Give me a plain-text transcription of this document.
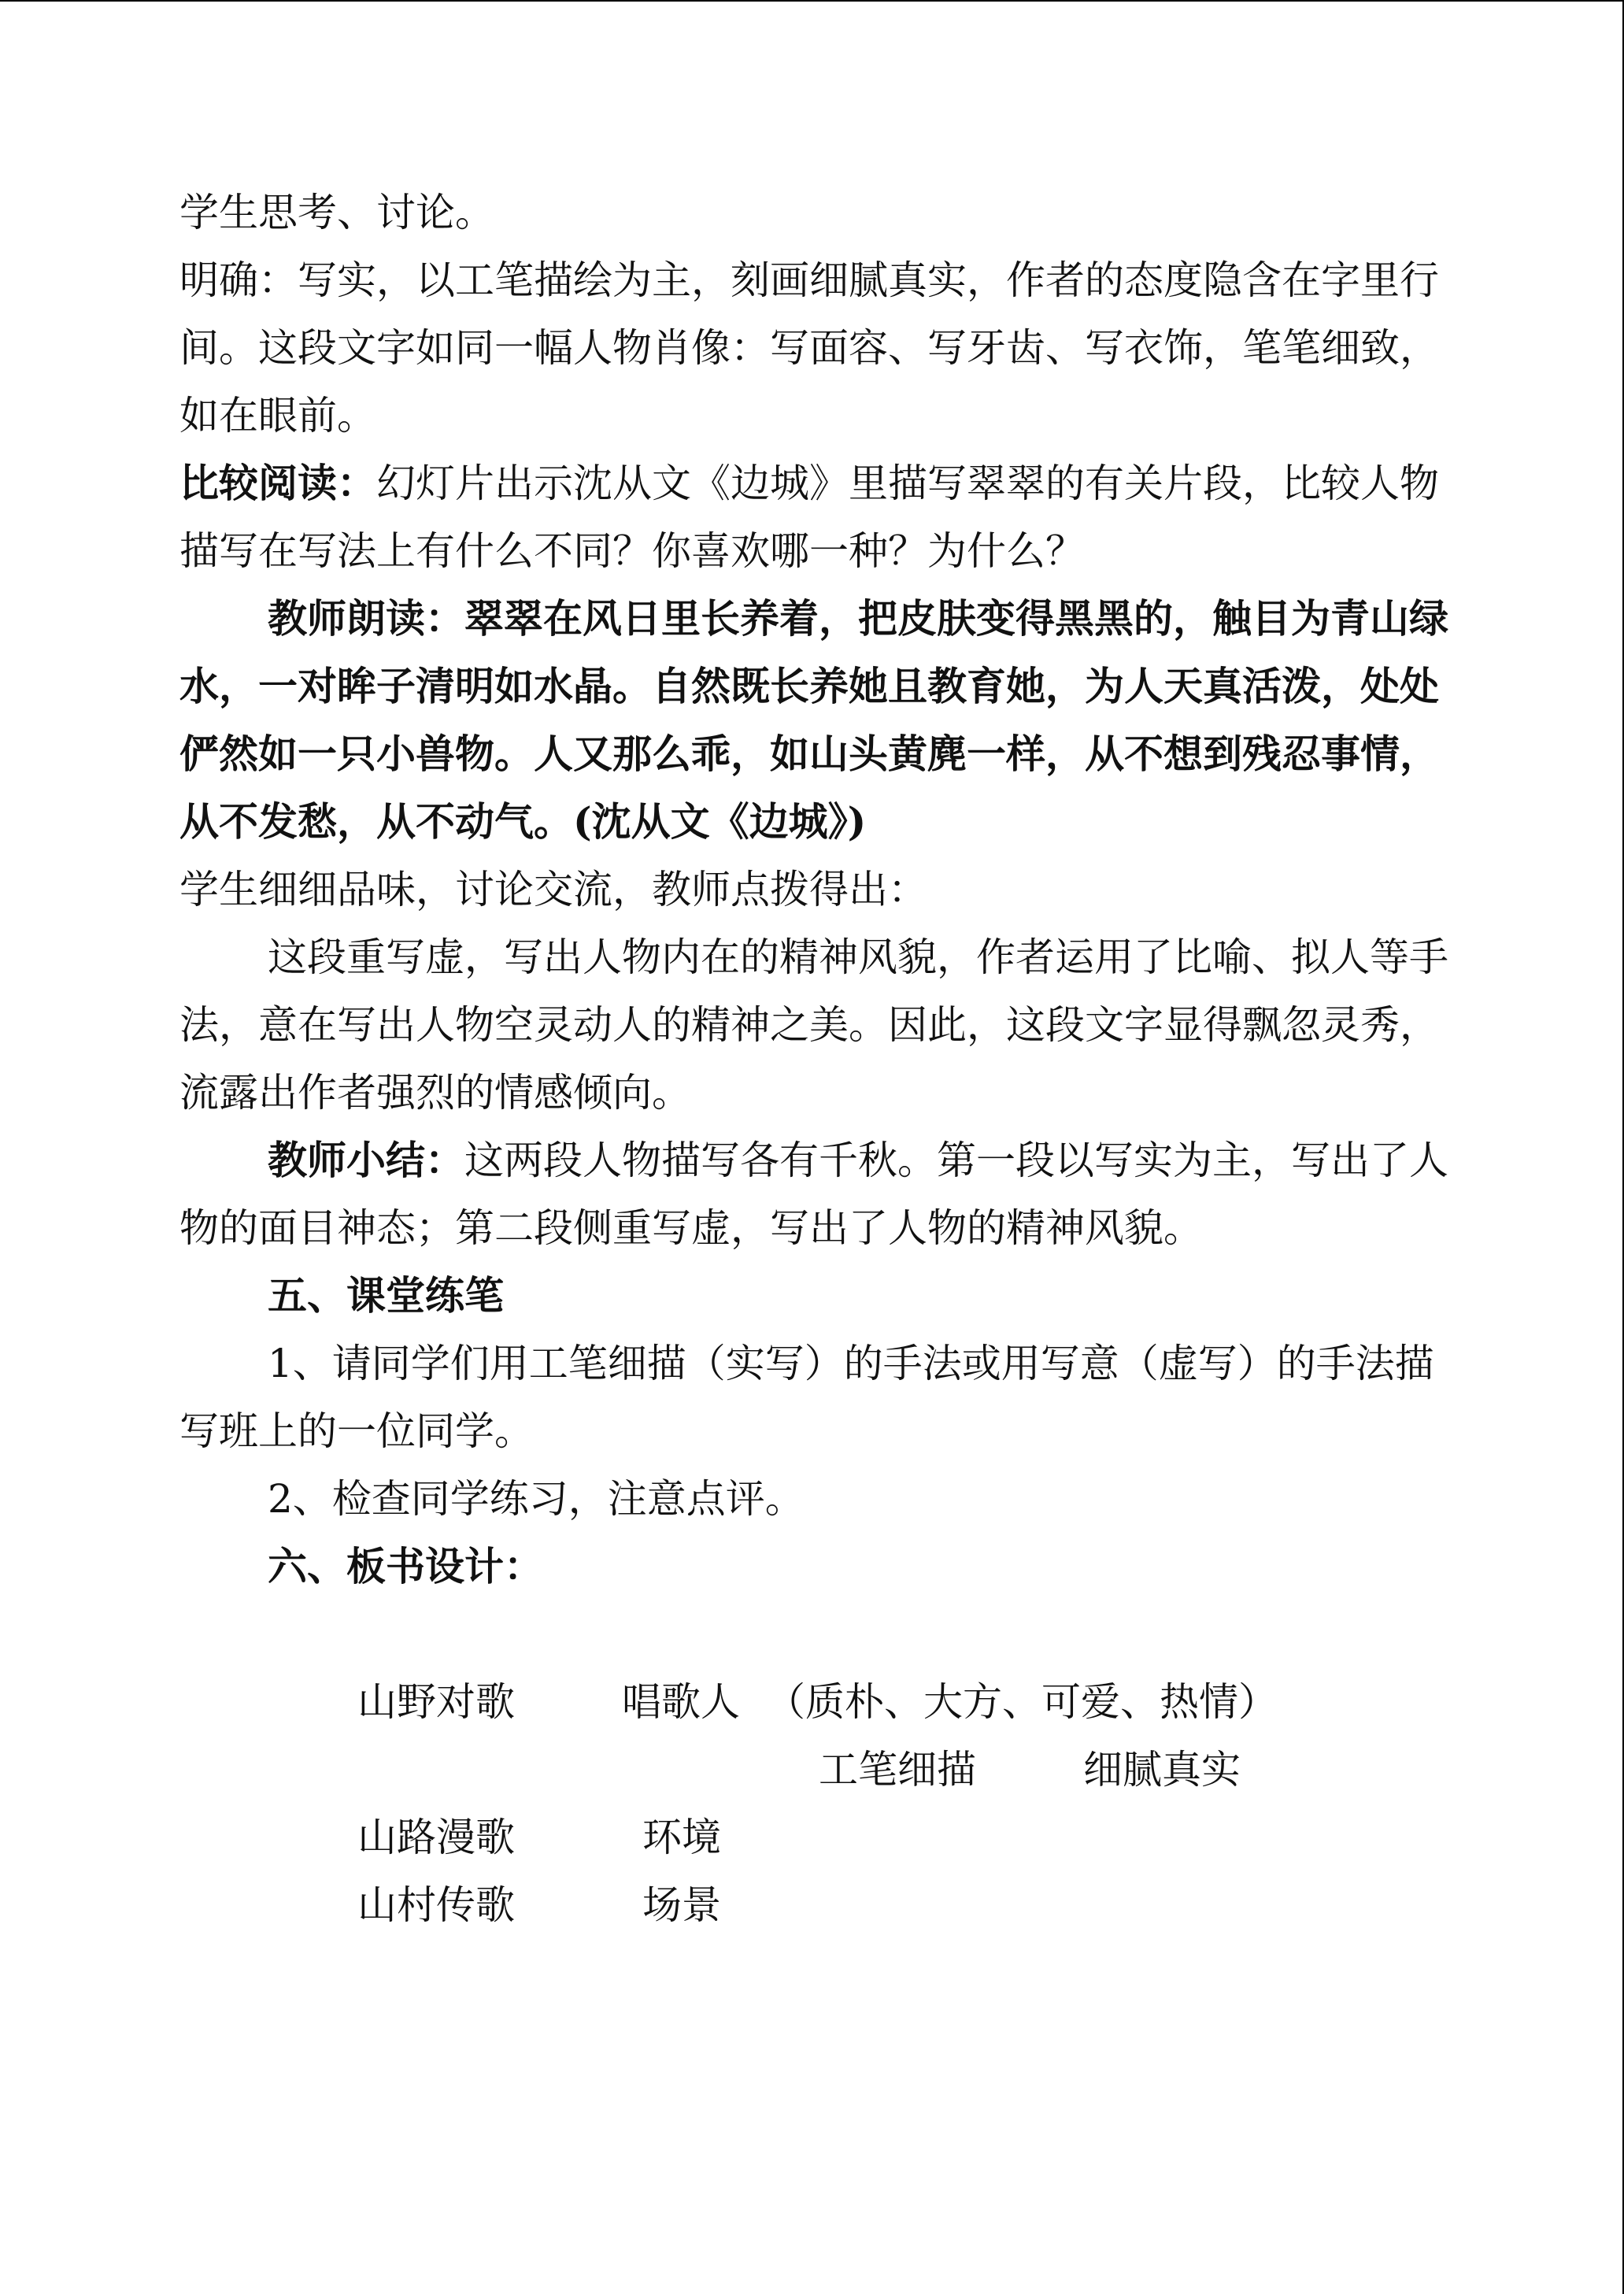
学生思考、讨论。

明确：写实，以工笔描绘为主，刻画细腻真实，作者的态度隐含在字里行间。这段文字如同一幅人物肖像：写面容、写牙齿、写衣饰，笔笔细致，如在眼前。

比较阅读：幻灯片出示沈从文《边城》里描写翠翠的有关片段，比较人物描写在写法上有什么不同？你喜欢哪一种？为什么？

教师朗读：翠翠在风日里长养着，把皮肤变得黑黑的，触目为青山绿水，一对眸子清明如水晶。自然既长养她且教育她，为人天真活泼，处处俨然如一只小兽物。人又那么乖，如山头黄麂一样，从不想到残忍事情，从不发愁，从不动气。(沈从文《边城》)

学生细细品味，讨论交流，教师点拨得出：

这段重写虚，写出人物内在的精神风貌，作者运用了比喻、拟人等手法，意在写出人物空灵动人的精神之美。因此，这段文字显得飘忽灵秀，流露出作者强烈的情感倾向。

教师小结：这两段人物描写各有千秋。第一段以写实为主，写出了人物的面目神态；第二段侧重写虚，写出了人物的精神风貌。

五、课堂练笔

1、请同学们用工笔细描（实写）的手法或用写意（虚写）的手法描写班上的一位同学。

2、检查同学练习，注意点评。

六、板书设计：

山野对歌	唱歌人 （质朴、大方、可爱、热情）
工笔细描	细腻真实
山路漫歌	环境
山村传歌	场景
